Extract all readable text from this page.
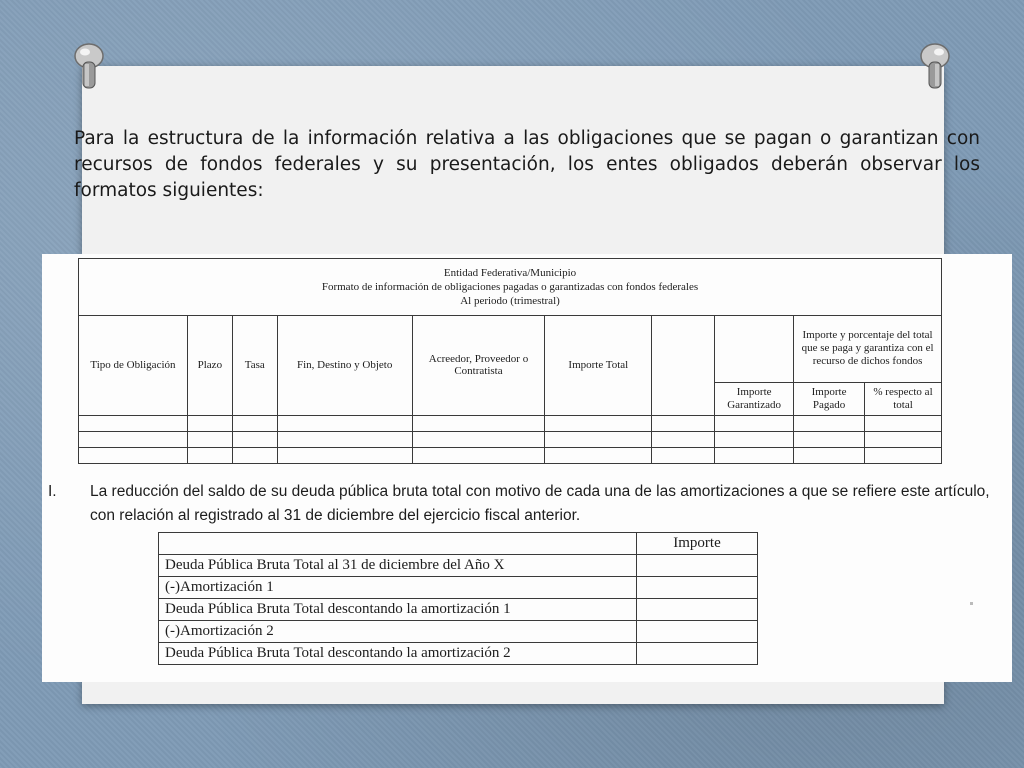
Para la estructura de la información relativa a las obligaciones que se pagan o garantizan con recursos de fondos federales y su presentación, los entes obligados deberán observar los formatos siguientes:

Entidad Federativa/Municipio
Formato de información de obligaciones pagadas o garantizadas con fondos federales
Al periodo (trimestral)									

Tipo de Obligación	Plazo	Tasa	Fin, Destino y Objeto	Acreedor, Proveedor o Contratista	Importe Total			Importe y porcentaje del total que se paga y garantiza con el recurso de dichos fondos	
							Importe Garantizado	Importe Pagado	% respecto al total

I. La reducción del saldo de su deuda pública bruta total con motivo de cada una de las amortizaciones a que se refiere este artículo, con relación al registrado al 31 de diciembre del ejercicio fiscal anterior.
	Importe
Deuda Pública Bruta Total al 31 de diciembre del Año X	
(-)Amortización 1	
Deuda Pública Bruta Total descontando la amortización 1	
(-)Amortización 2	
Deuda Pública Bruta Total descontando la amortización 2	
